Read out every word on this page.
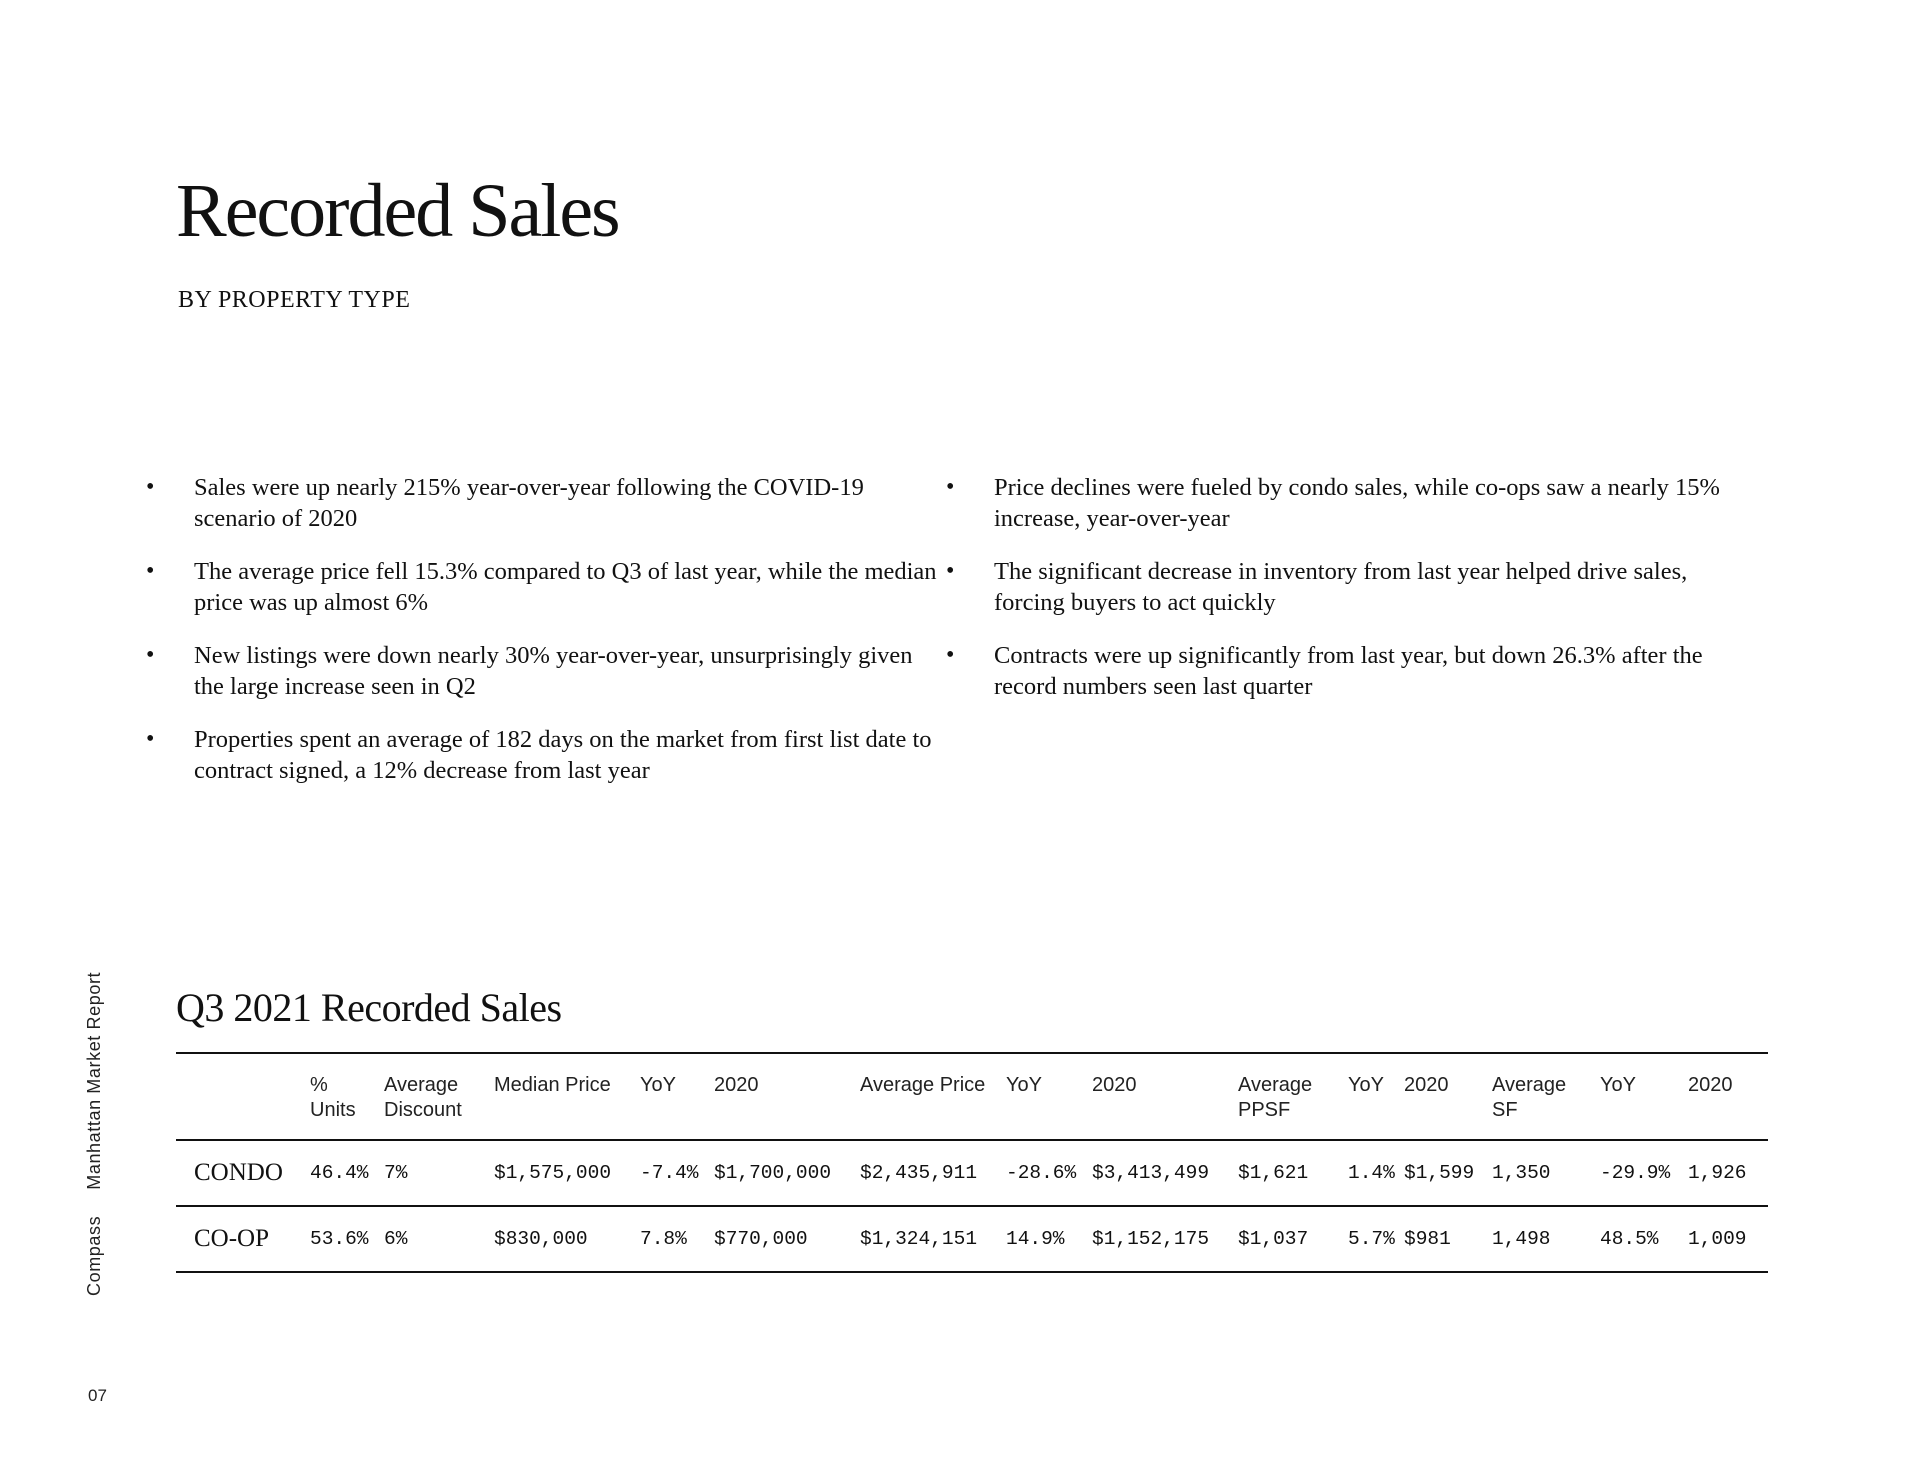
Recorded Sales
BY PROPERTY TYPE
• Sales were up nearly 215% year-over-year following the COVID-19 scenario of 2020
• The average price fell 15.3% compared to Q3 of last year, while the median price was up almost 6%
• New listings were down nearly 30% year-over-year, unsurprisingly given the large increase seen in Q2
• Properties spent an average of 182 days on the market from first list date to contract signed, a 12% decrease from last year
• Price declines were fueled by condo sales, while co-ops saw a nearly 15% increase, year-over-year
• The significant decrease in inventory from last year helped drive sales, forcing buyers to act quickly
• Contracts were up significantly from last year, but down 26.3% after the record numbers seen last quarter
Q3 2021 Recorded Sales
	% Units	Average Discount	Median Price	YoY	2020	Average Price	YoY	2020	Average PPSF	YoY	2020	Average SF	YoY	2020
CONDO	46.4%	7%	$1,575,000	-7.4%	$1,700,000	$2,435,911	-28.6%	$3,413,499	$1,621	1.4%	$1,599	1,350	-29.9%	1,926
CO-OP	53.6%	6%	$830,000	7.8%	$770,000	$1,324,151	14.9%	$1,152,175	$1,037	5.7%	$981	1,498	48.5%	1,009
CompassManhattan Market Report
07
